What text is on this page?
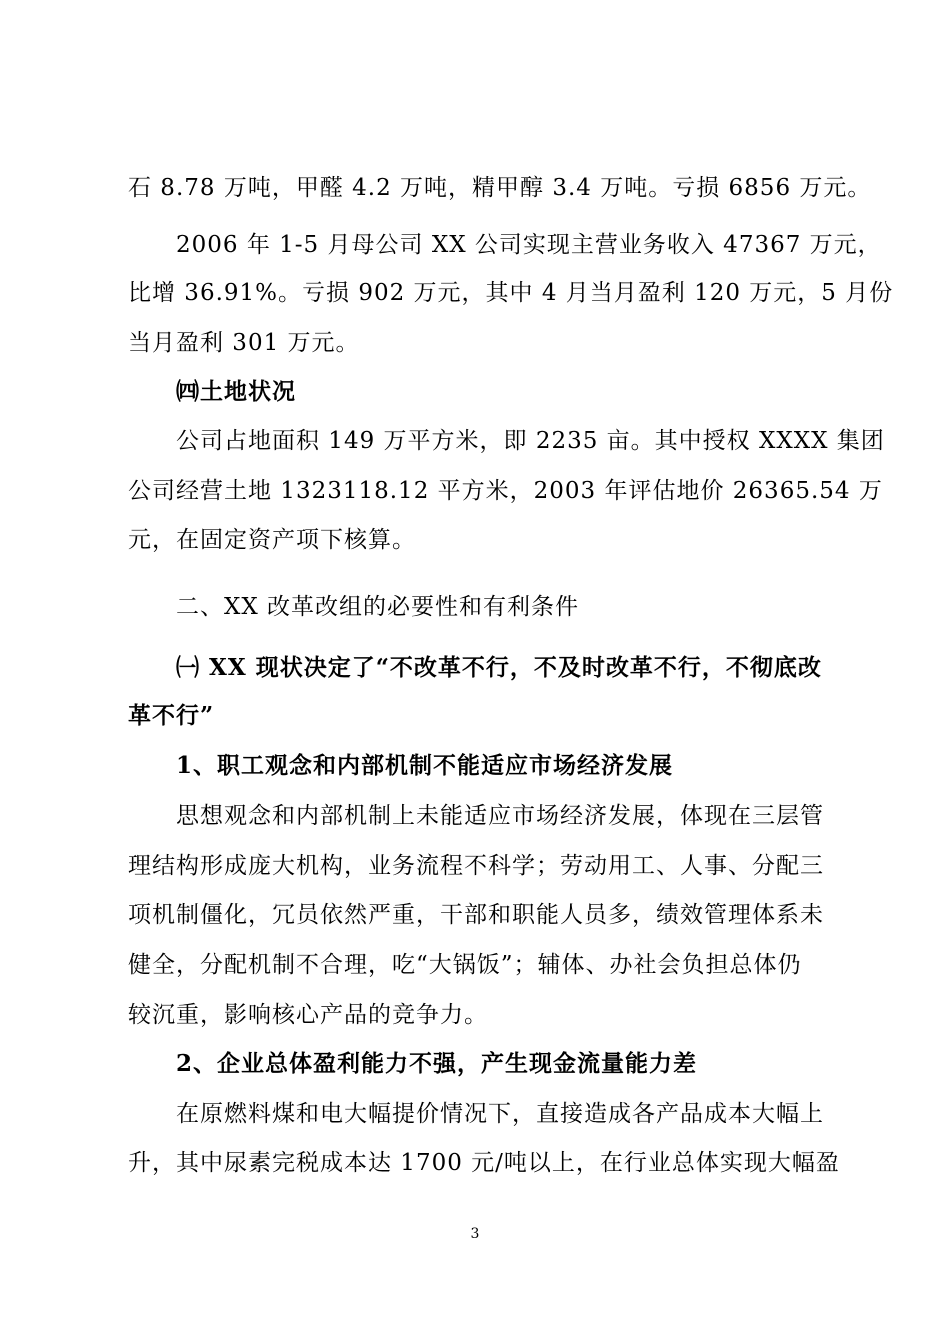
石 8.78 万吨，甲醛 4.2 万吨，精甲醇 3.4 万吨。亏损 6856 万元。
2006 年 1-5 月母公司 XX 公司实现主营业务收入 47367 万元，
比增 36.91%。亏损 902 万元，其中 4 月当月盈利 120 万元，5 月份
当月盈利 301 万元。
㈣土地状况
公司占地面积 149 万平方米，即 2235 亩。其中授权 XXXX 集团
公司经营土地 1323118.12 平方米，2003 年评估地价 26365.54 万
元，在固定资产项下核算。
二、XX 改革改组的必要性和有利条件
㈠ XX 现状决定了“不改革不行，不及时改革不行，不彻底改
革不行”
1、职工观念和内部机制不能适应市场经济发展
思想观念和内部机制上未能适应市场经济发展，体现在三层管
理结构形成庞大机构，业务流程不科学；劳动用工、人事、分配三
项机制僵化，冗员依然严重，干部和职能人员多，绩效管理体系未
健全，分配机制不合理，吃“大锅饭”；辅体、办社会负担总体仍
较沉重，影响核心产品的竞争力。
2、企业总体盈利能力不强，产生现金流量能力差
在原燃料煤和电大幅提价情况下，直接造成各产品成本大幅上
升，其中尿素完税成本达 1700 元/吨以上，在行业总体实现大幅盈
3
